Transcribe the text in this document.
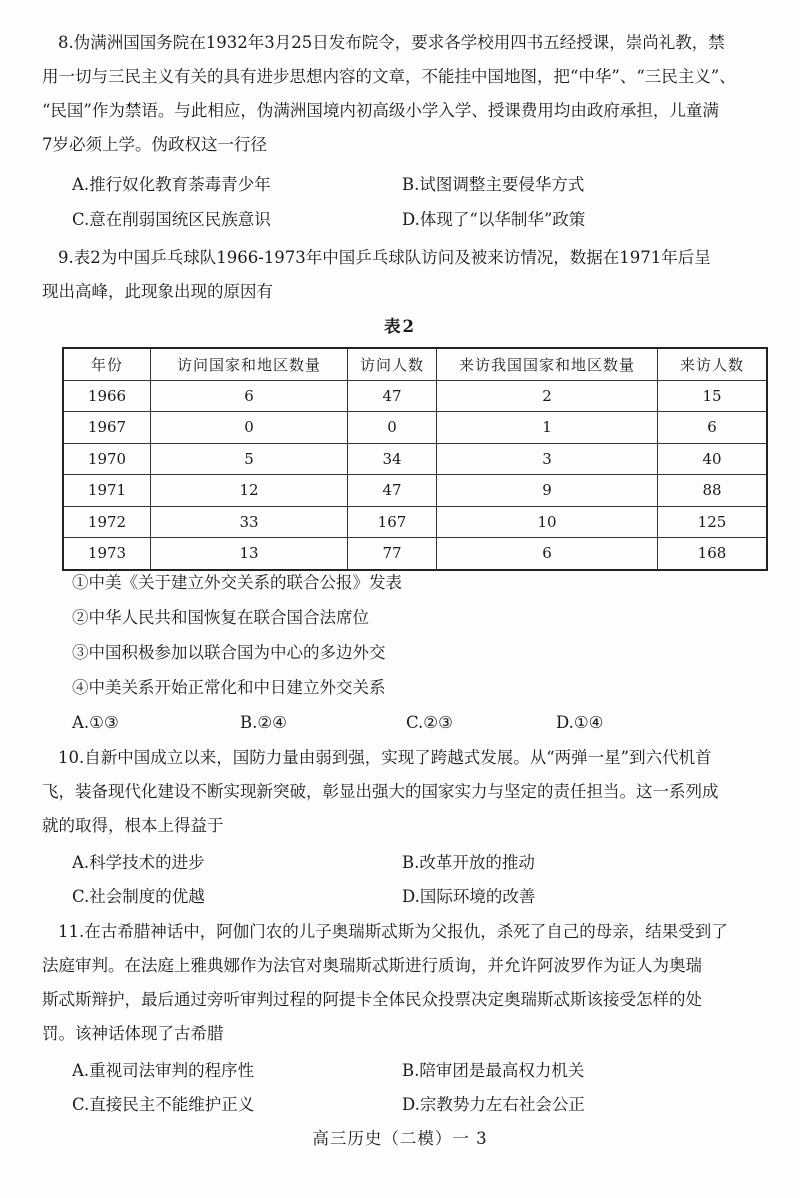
8.伪满洲国国务院在1932年3月25日发布院令，要求各学校用四书五经授课，崇尚礼教，禁
用一切与三民主义有关的具有进步思想内容的文章，不能挂中国地图，把“中华”、“三民主义”、
“民国”作为禁语。与此相应，伪满洲国境内初高级小学入学、授课费用均由政府承担，儿童满
7岁必须上学。伪政权这一行径
A.推行奴化教育荼毒青少年	B.试图调整主要侵华方式
C.意在削弱国统区民族意识	D.体现了“以华制华”政策
9.表2为中国乒乓球队1966-1973年中国乒乓球队访问及被来访情况，数据在1971年后呈
现出高峰，此现象出现的原因有
表2
年份	访问国家和地区数量	访问人数	来访我国国家和地区数量	来访人数
1966	6	47	2	15
1967	0	0	1	6
1970	5	34	3	40
1971	12	47	9	88
1972	33	167	10	125
1973	13	77	6	168
①中美《关于建立外交关系的联合公报》发表
②中华人民共和国恢复在联合国合法席位
③中国积极参加以联合国为中心的多边外交
④中美关系开始正常化和中日建立外交关系
A.①③	B.②④	C.②③	D.①④
10.自新中国成立以来，国防力量由弱到强，实现了跨越式发展。从“两弹一星”到六代机首
飞，装备现代化建设不断实现新突破，彰显出强大的国家实力与坚定的责任担当。这一系列成
就的取得，根本上得益于
A.科学技术的进步	B.改革开放的推动
C.社会制度的优越	D.国际环境的改善
11.在古希腊神话中，阿伽门农的儿子奥瑞斯忒斯为父报仇，杀死了自己的母亲，结果受到了
法庭审判。在法庭上雅典娜作为法官对奥瑞斯忒斯进行质询，并允许阿波罗作为证人为奥瑞
斯忒斯辩护，最后通过旁听审判过程的阿提卡全体民众投票决定奥瑞斯忒斯该接受怎样的处
罚。该神话体现了古希腊
A.重视司法审判的程序性	B.陪审团是最高权力机关
C.直接民主不能维护正义	D.宗教势力左右社会公正
高三历史（二模）一 3
